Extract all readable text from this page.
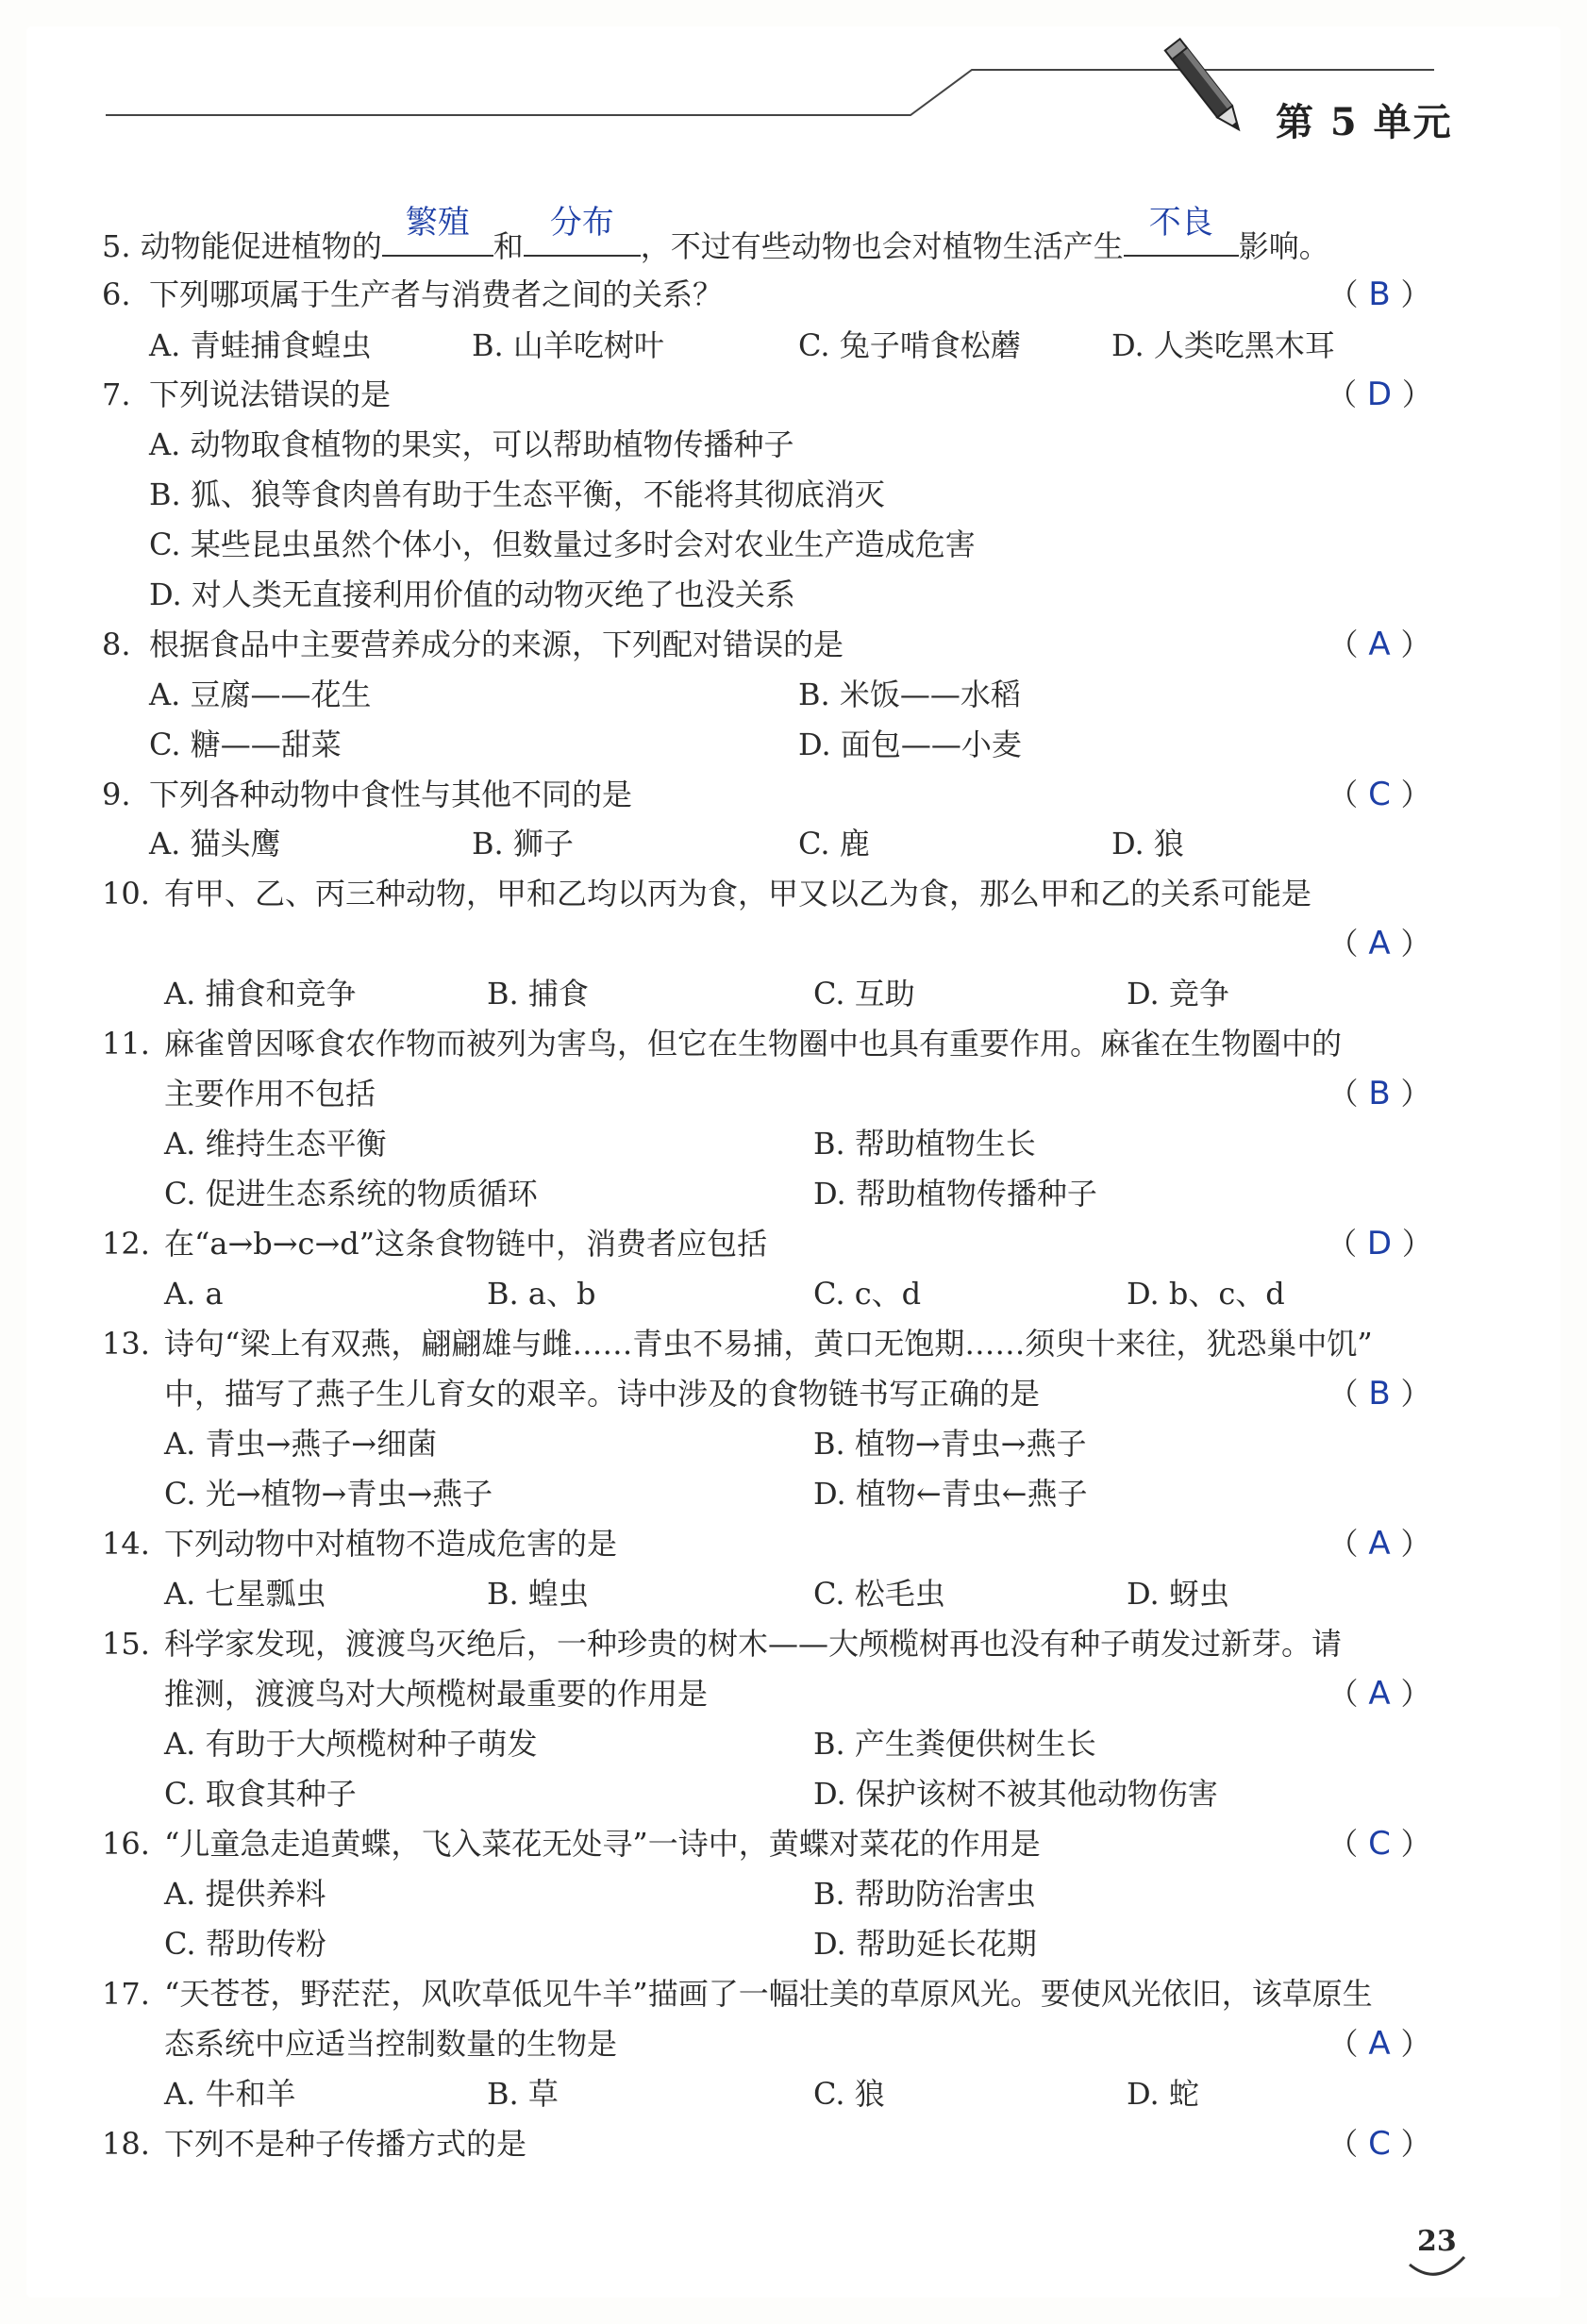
第 5 单元
5. 动物能促进植物的
繁殖
和
分布
，不过有些动物也会对植物生活产生
不良
影响。
6. 下列哪项属于生产者与消费者之间的关系？	（ B ）
A. 青蛙捕食蝗虫	B. 山羊吃树叶	C. 兔子啃食松蘑	D. 人类吃黑木耳
7. 下列说法错误的是	（ D ）
A. 动物取食植物的果实，可以帮助植物传播种子
B. 狐、狼等食肉兽有助于生态平衡，不能将其彻底消灭
C. 某些昆虫虽然个体小，但数量过多时会对农业生产造成危害
D. 对人类无直接利用价值的动物灭绝了也没关系
8. 根据食品中主要营养成分的来源，下列配对错误的是	（ A ）
A. 豆腐——花生	B. 米饭——水稻
C. 糖——甜菜	D. 面包——小麦
9. 下列各种动物中食性与其他不同的是	（ C ）
A. 猫头鹰	B. 狮子	C. 鹿	D. 狼
10. 有甲、乙、丙三种动物，甲和乙均以丙为食，甲又以乙为食，那么甲和乙的关系可能是
（ A ）
A. 捕食和竞争	B. 捕食	C. 互助	D. 竞争
11. 麻雀曾因啄食农作物而被列为害鸟，但它在生物圈中也具有重要作用。麻雀在生物圈中的
主要作用不包括	（ B ）
A. 维持生态平衡	B. 帮助植物生长
C. 促进生态系统的物质循环	D. 帮助植物传播种子
12. 在“a→b→c→d”这条食物链中，消费者应包括	（ D ）
A. a	B. a、b	C. c、d	D. b、c、d
13. 诗句“梁上有双燕，翩翩雄与雌……青虫不易捕，黄口无饱期……须臾十来往，犹恐巢中饥”
中，描写了燕子生儿育女的艰辛。诗中涉及的食物链书写正确的是	（ B ）
A. 青虫→燕子→细菌	B. 植物→青虫→燕子
C. 光→植物→青虫→燕子	D. 植物←青虫←燕子
14. 下列动物中对植物不造成危害的是	（ A ）
A. 七星瓢虫	B. 蝗虫	C. 松毛虫	D. 蚜虫
15. 科学家发现，渡渡鸟灭绝后，一种珍贵的树木——大颅榄树再也没有种子萌发过新芽。请
推测，渡渡鸟对大颅榄树最重要的作用是	（ A ）
A. 有助于大颅榄树种子萌发	B. 产生粪便供树生长
C. 取食其种子	D. 保护该树不被其他动物伤害
16. “儿童急走追黄蝶，飞入菜花无处寻”一诗中，黄蝶对菜花的作用是	（ C ）
A. 提供养料	B. 帮助防治害虫
C. 帮助传粉	D. 帮助延长花期
17. “天苍苍，野茫茫，风吹草低见牛羊”描画了一幅壮美的草原风光。要使风光依旧，该草原生
态系统中应适当控制数量的生物是	（ A ）
A. 牛和羊	B. 草	C. 狼	D. 蛇
18. 下列不是种子传播方式的是	（ C ）
23
